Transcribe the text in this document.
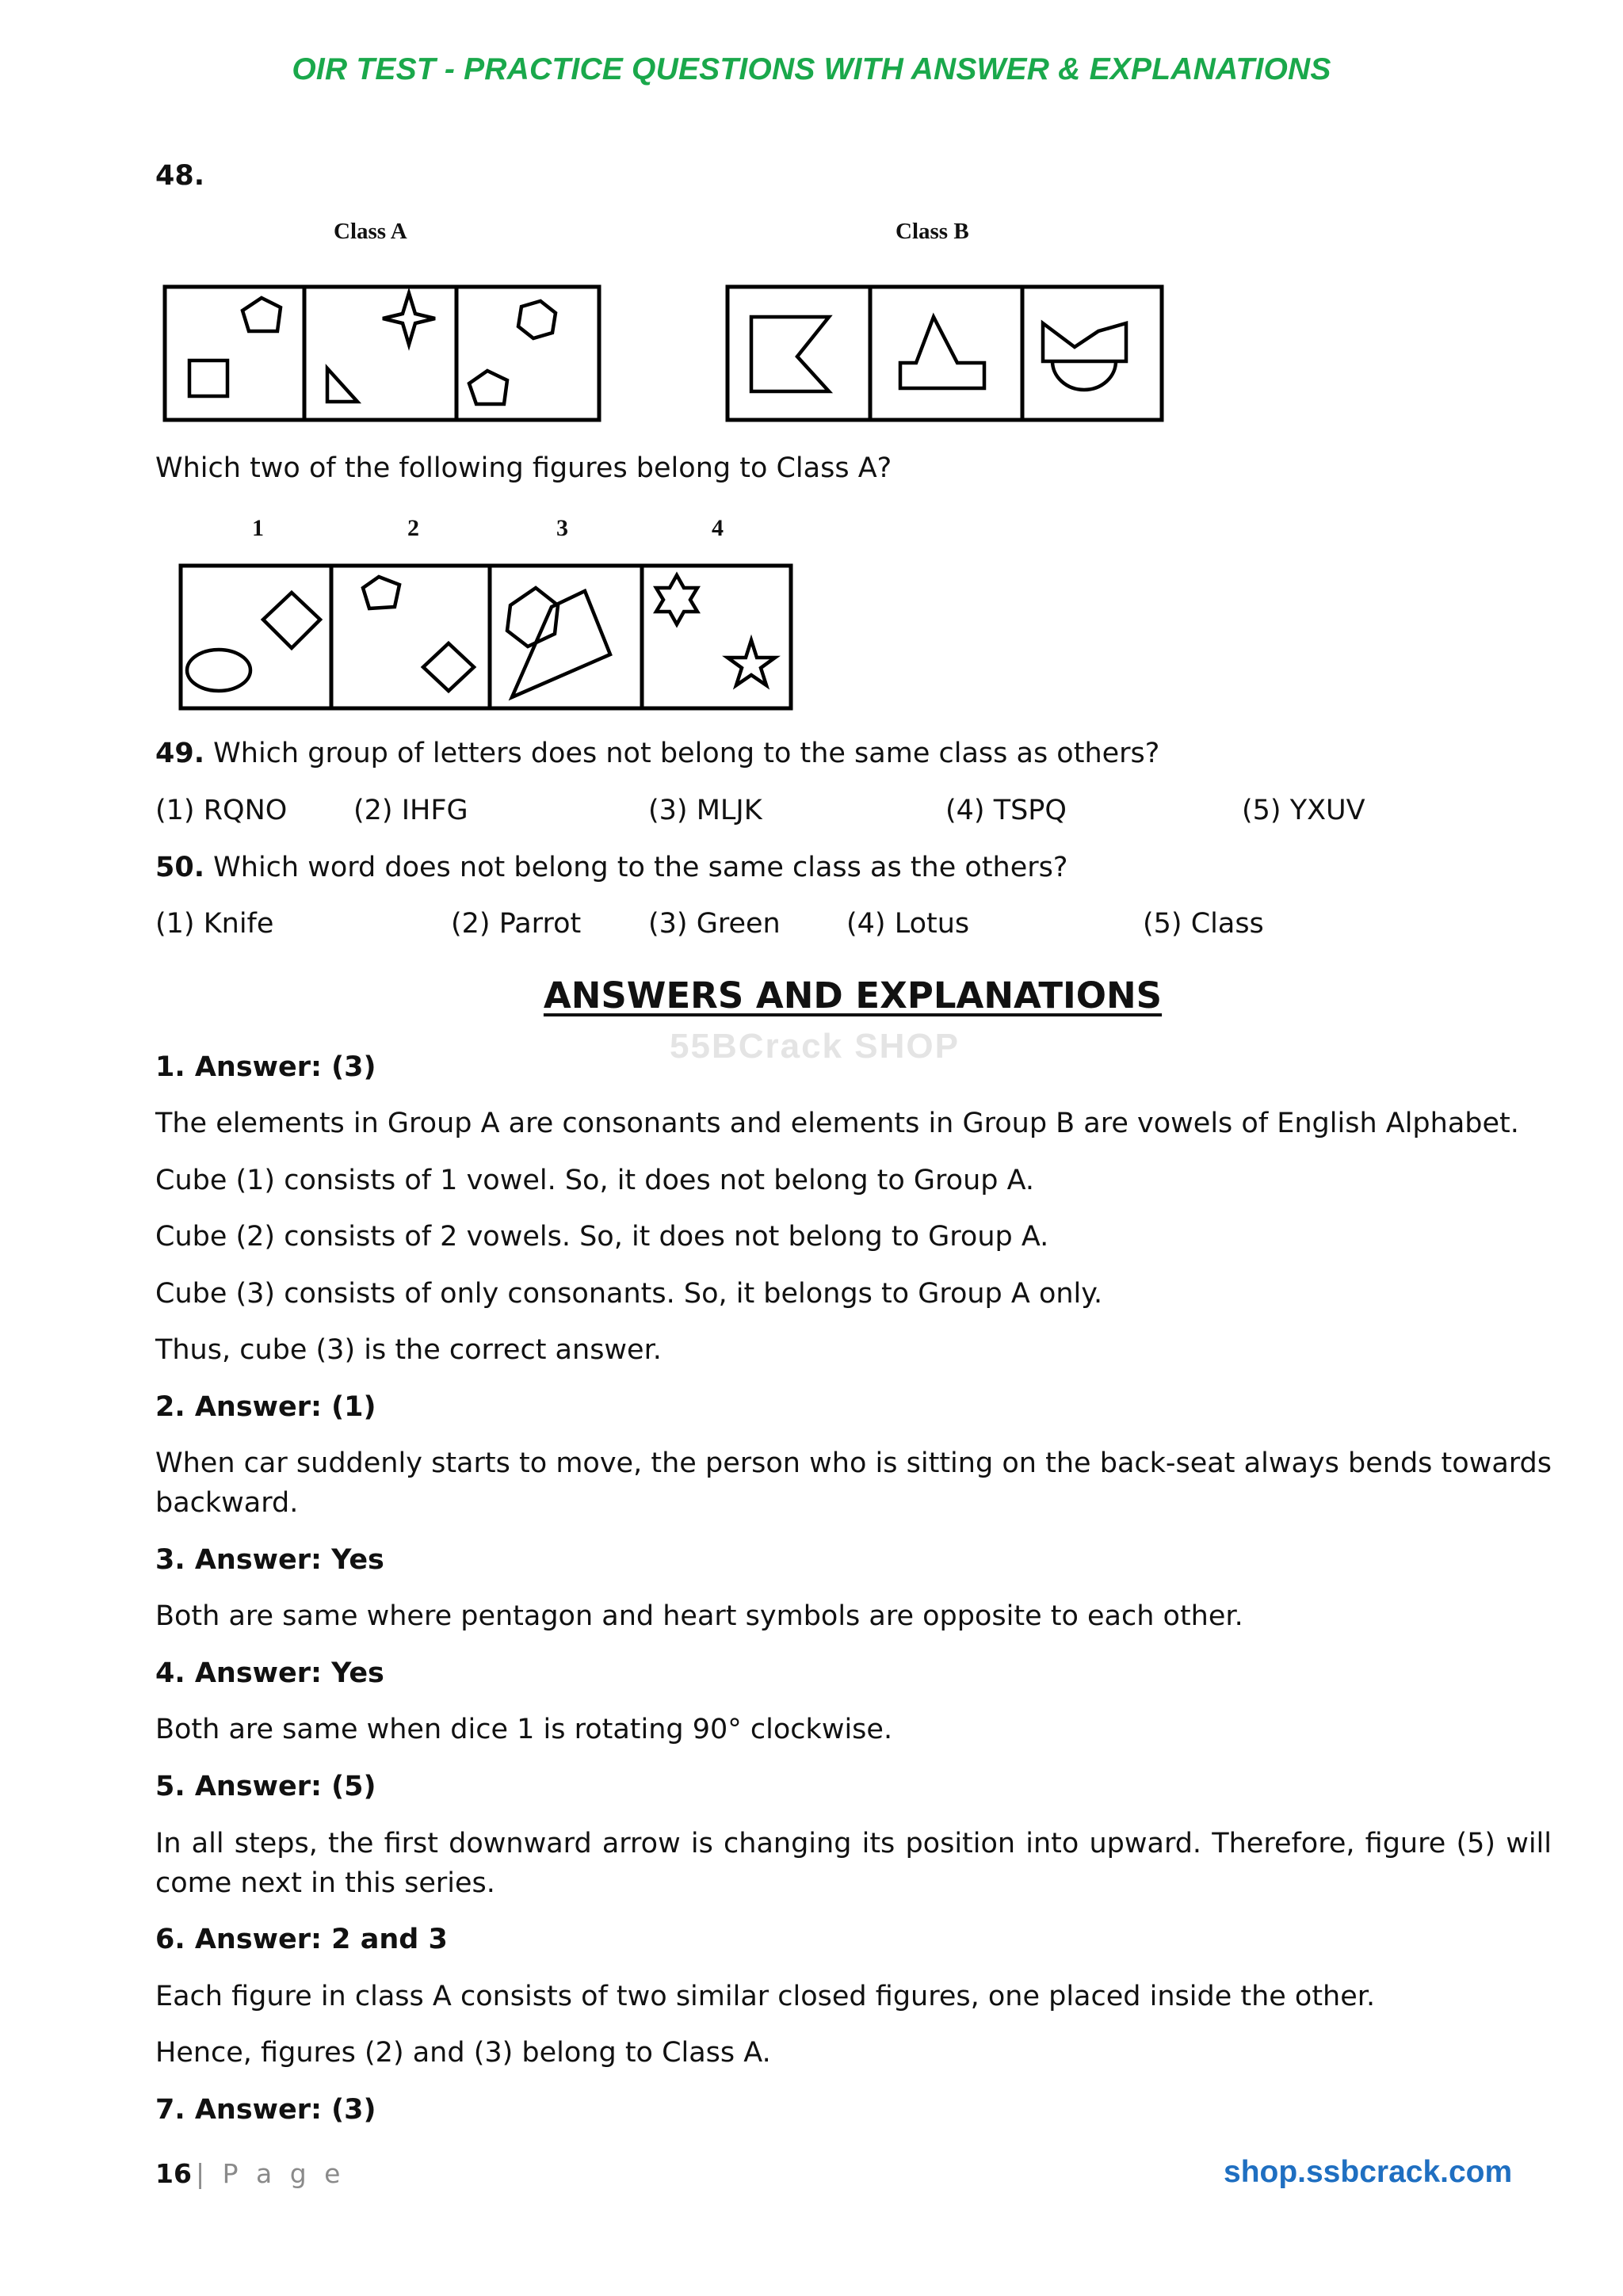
OIR TEST - PRACTICE QUESTIONS WITH ANSWER & EXPLANATIONS
48.
Class A	Class B
Which two of the following figures belong to Class A?
1	2	3	4
49. Which group of letters does not belong to the same class as others?
(1) RQNO (2) IHFG	(3) MLJK	(4) TSPQ	(5) YXUV
50. Which word does not belong to the same class as the others?
(1) Knife	(2) Parrot (3) Green (4) Lotus	(5) Class
ANSWERS AND EXPLANATIONS
55BCrack SHOP
1. Answer: (3)
The elements in Group A are consonants and elements in Group B are vowels of English Alphabet.
Cube (1) consists of 1 vowel. So, it does not belong to Group A.
Cube (2) consists of 2 vowels. So, it does not belong to Group A.
Cube (3) consists of only consonants. So, it belongs to Group A only.
Thus, cube (3) is the correct answer.
2. Answer: (1)
When car suddenly starts to move, the person who is sitting on the back-seat always bends towards backward.
3. Answer: Yes
Both are same where pentagon and heart symbols are opposite to each other.
4. Answer: Yes
Both are same when dice 1 is rotating 90° clockwise.
5. Answer: (5)
In all steps, the first downward arrow is changing its position into upward. Therefore, figure (5) will come next in this series.
6. Answer: 2 and 3
Each figure in class A consists of two similar closed figures, one placed inside the other.
Hence, figures (2) and (3) belong to Class A.
7. Answer: (3)
16 | P a g e	shop.ssbcrack.com
